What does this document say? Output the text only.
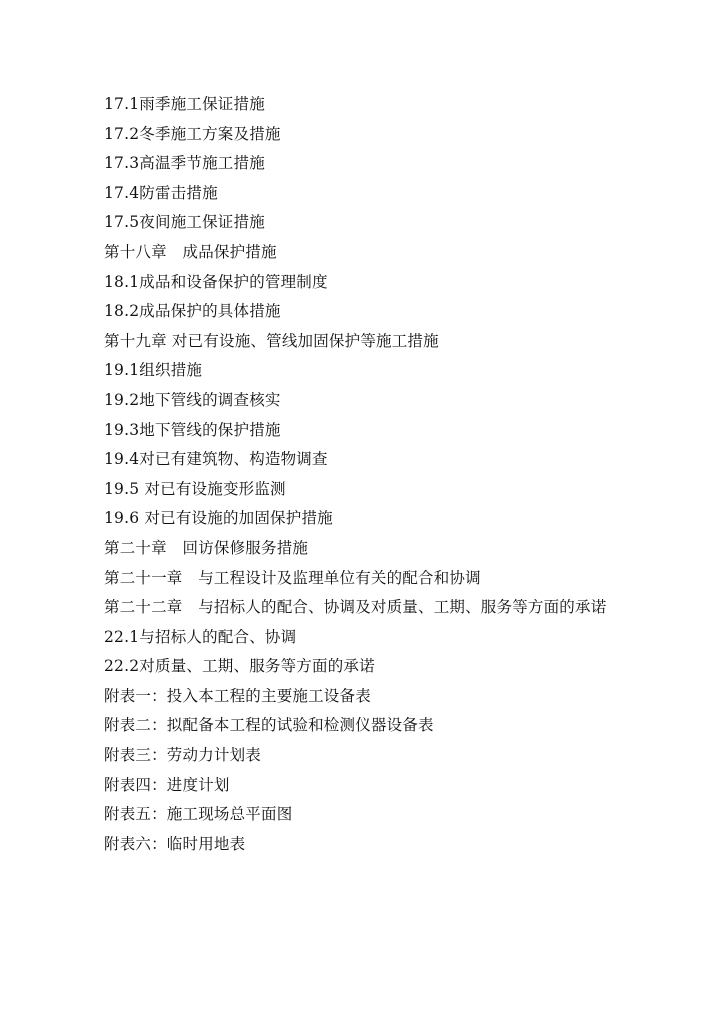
17.1雨季施工保证措施
17.2冬季施工方案及措施
17.3高温季节施工措施
17.4防雷击措施
17.5夜间施工保证措施
第十八章　成品保护措施
18.1成品和设备保护的管理制度
18.2成品保护的具体措施
第十九章 对已有设施、管线加固保护等施工措施
19.1组织措施
19.2地下管线的调查核实
19.3地下管线的保护措施
19.4对已有建筑物、构造物调查
19.5 对已有设施变形监测
19.6 对已有设施的加固保护措施
第二十章　回访保修服务措施
第二十一章　与工程设计及监理单位有关的配合和协调
第二十二章　与招标人的配合、协调及对质量、工期、服务等方面的承诺
22.1与招标人的配合、协调
22.2对质量、工期、服务等方面的承诺
附表一：投入本工程的主要施工设备表
附表二：拟配备本工程的试验和检测仪器设备表
附表三：劳动力计划表
附表四：进度计划
附表五：施工现场总平面图
附表六：临时用地表
